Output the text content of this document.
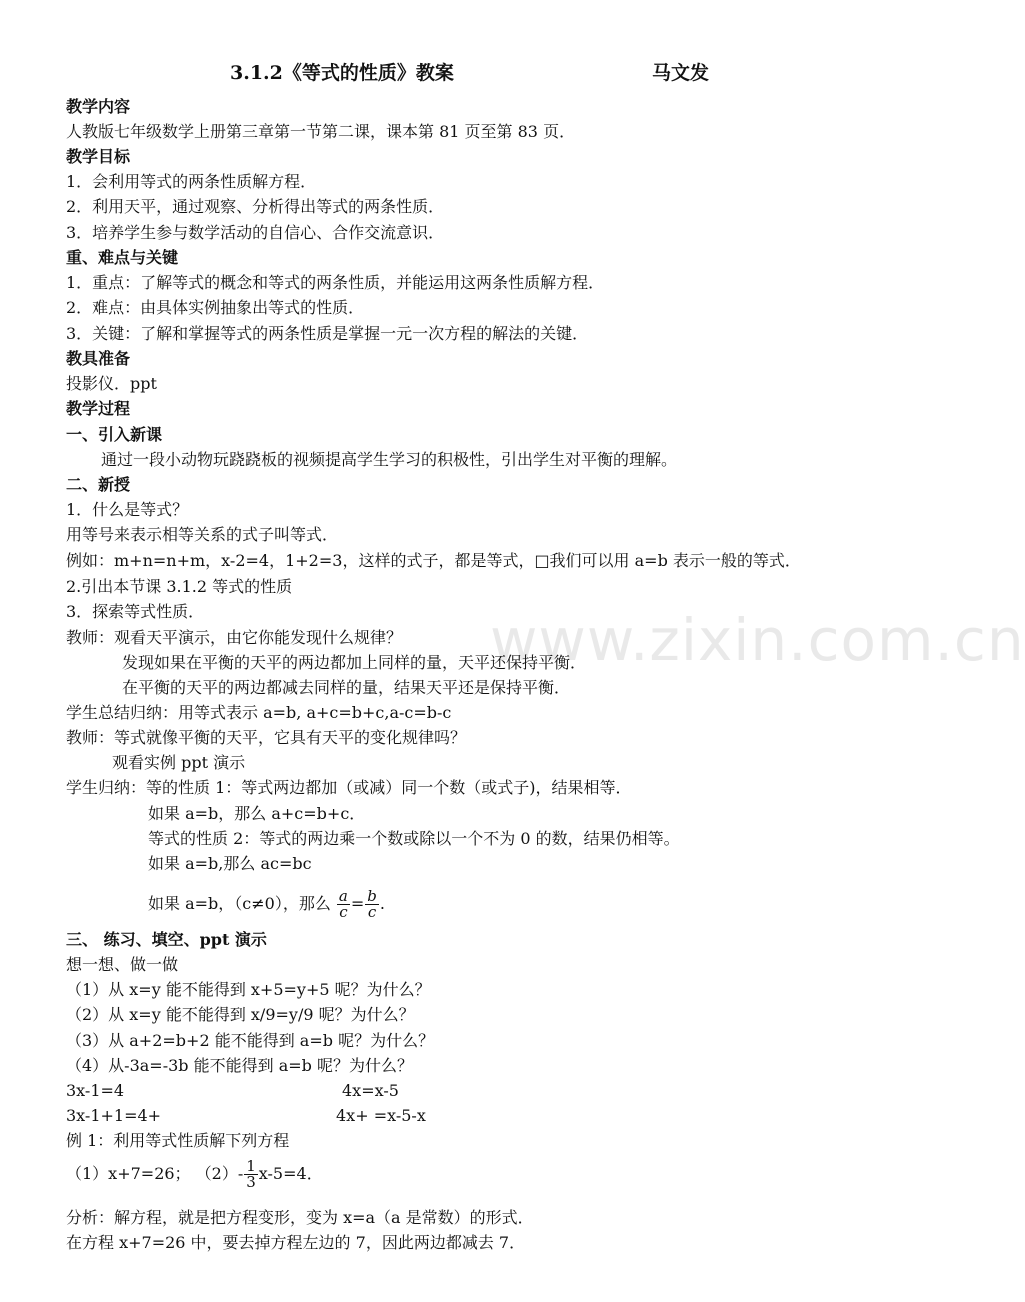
www.zixin.com.cn
3.1.2《等式的性质》教案	马文发
教学内容
人教版七年级数学上册第三章第一节第二课，课本第 81 页至第 83 页．
教学目标
1．会利用等式的两条性质解方程．
2．利用天平，通过观察、分析得出等式的两条性质．
3．培养学生参与数学活动的自信心、合作交流意识．
重、难点与关键
1．重点：了解等式的概念和等式的两条性质，并能运用这两条性质解方程．
2．难点：由具体实例抽象出等式的性质．
3．关键：了解和掌握等式的两条性质是掌握一元一次方程的解法的关键．
教具准备
投影仪．ppt
教学过程
一、引入新课
通过一段小动物玩跷跷板的视频提高学生学习的积极性，引出学生对平衡的理解。
二、新授
1．什么是等式？
用等号来表示相等关系的式子叫等式．
例如：m+n=n+m，x-2=4，1+2=3，这样的式子，都是等式，□我们可以用 a=b 表示一般的等式．
2.引出本节课 3.1.2 等式的性质
3．探索等式性质．
教师：观看天平演示，由它你能发现什么规律？
发现如果在平衡的天平的两边都加上同样的量，天平还保持平衡．
在平衡的天平的两边都减去同样的量，结果天平还是保持平衡．
学生总结归纳：用等式表示 a=b, a+c=b+c,a-c=b-c
教师：等式就像平衡的天平，它具有天平的变化规律吗？
观看实例 ppt 演示
学生归纳：等的性质 1：等式两边都加（或减）同一个数（或式子)，结果相等．
如果 a=b，那么 a+c=b+c．
等式的性质 2：等式的两边乘一个数或除以一个不为 0 的数，结果仍相等。
如果 a=b,那么 ac=bc
如果 a=b，（c≠0），那么 $\frac{a}{c} = \frac{b}{c}$ .
三、 练习、填空、ppt 演示
想一想、做一做
（1）从 x=y 能不能得到 x+5=y+5 呢？为什么？
（2）从 x=y 能不能得到 x/9=y/9 呢？为什么？
（3）从 a+2=b+2 能不能得到 a=b 呢？为什么？
（4）从-3a=-3b 能不能得到 a=b 呢？为什么？
3x-1=4	4x=x-5
3x-1+1=4+	4x+ =x-5-x
例 1：利用等式性质解下列方程
（1）x+7=26； $(2)- \frac{1}{3} x-5=4$．
分析：解方程，就是把方程变形，变为 x=a（a 是常数）的形式．
在方程 x+7=26 中，要去掉方程左边的 7，因此两边都减去 7．
